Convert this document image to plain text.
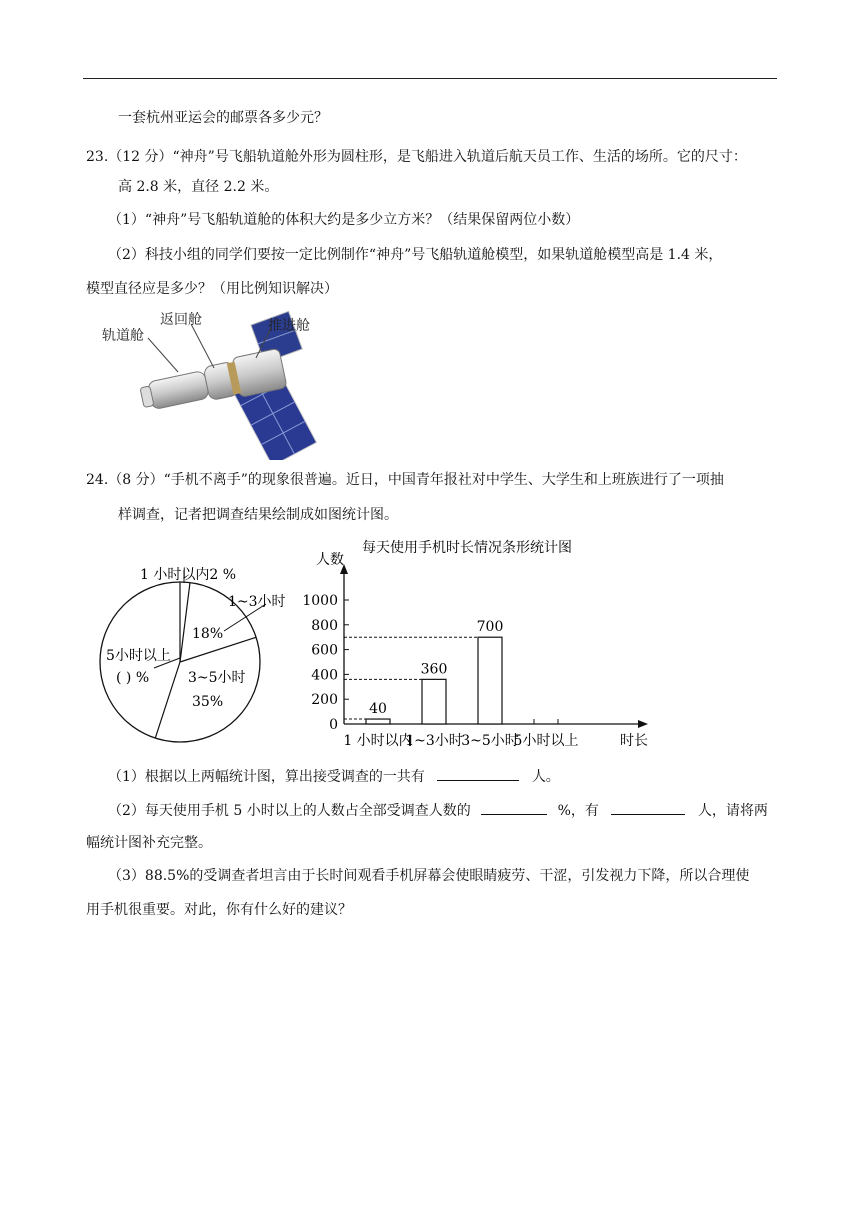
一套杭州亚运会的邮票各多少元？
23.（12 分）“神舟”号飞船轨道舱外形为圆柱形，是飞船进入轨道后航天员工作、生活的场所。它的尺寸：
高 2.8 米，直径 2.2 米。
（1）“神舟”号飞船轨道舱的体积大约是多少立方米？（结果保留两位小数）
（2）科技小组的同学们要按一定比例制作“神舟”号飞船轨道舱模型，如果轨道舱模型高是 1.4 米，
模型直径应是多少？（用比例知识解决）
轨道舱
返回舱	推进舱
24.（8 分）“手机不离手”的现象很普遍。近日，中国青年报社对中学生、大学生和上班族进行了一项抽
样调查，记者把调查结果绘制成如图统计图。
1 小时以内2 %
1~3小时
18%
3~5小时
35%
5小时以上
( ) %
每天使用手机时长情况条形统计图
人数
0
200
400
600
800
1000
40
360
700
1 小时以内
1~3小时
3~5小时
5小时以上	时长
（1）根据以上两幅统计图，算出接受调查的一共有	人。
（2）每天使用手机 5 小时以上的人数占全部受调查人数的	%，有	人，请将两
幅统计图补充完整。
（3）88.5%的受调查者坦言由于长时间观看手机屏幕会使眼睛疲劳、干涩，引发视力下降，所以合理使
用手机很重要。对此，你有什么好的建议？
